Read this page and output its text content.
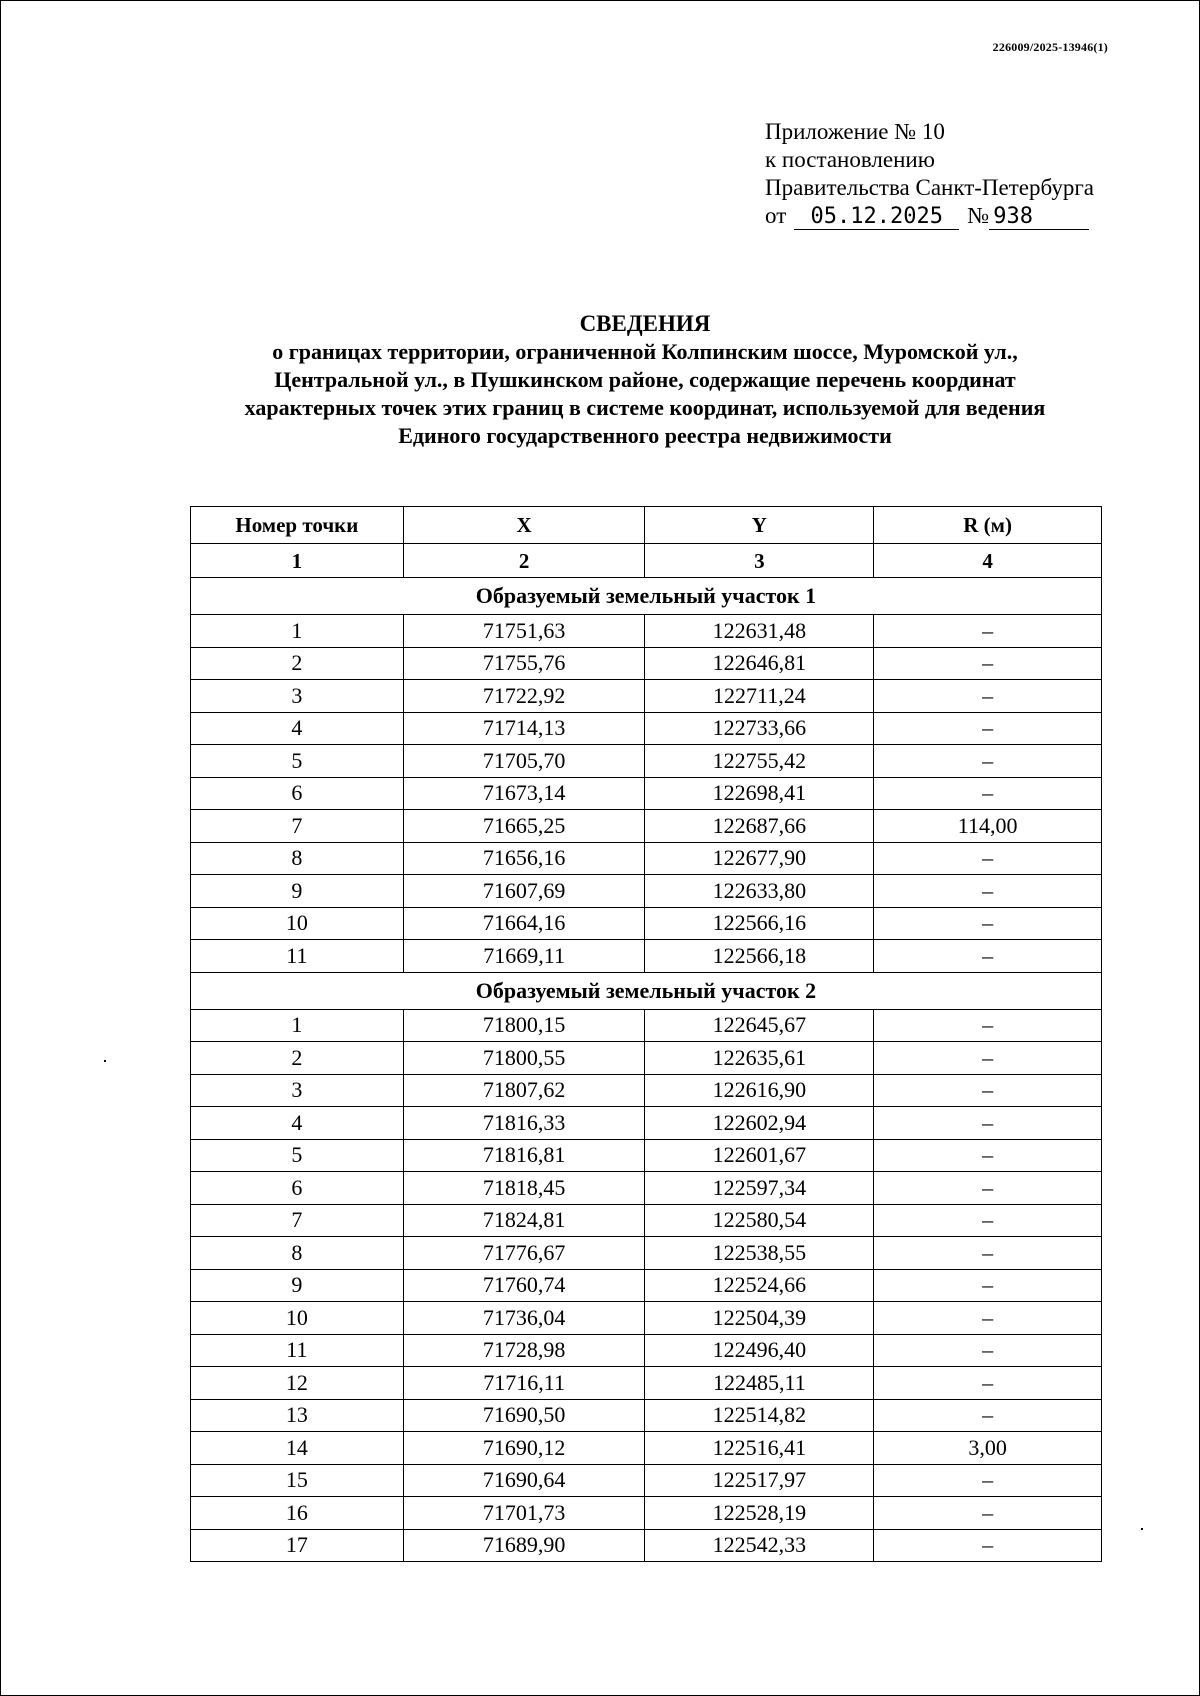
226009/2025-13946(1)
Приложение № 10
к постановлению
Правительства Санкт-Петербурга
от	05.12.2025	№ 938
СВЕДЕНИЯ
о границах территории, ограниченной Колпинским шоссе, Муромской ул.,
Центральной ул., в Пушкинском районе, содержащие перечень координат
характерных точек этих границ в системе координат, используемой для ведения
Единого государственного реестра недвижимости
Номер точки	X	Y	R (м)
1	2	3	4
Образуемый земельный участок 1			
1	71751,63	122631,48	–
2	71755,76	122646,81	–
3	71722,92	122711,24	–
4	71714,13	122733,66	–
5	71705,70	122755,42	–
6	71673,14	122698,41	–
7	71665,25	122687,66	114,00
8	71656,16	122677,90	–
9	71607,69	122633,80	–
10	71664,16	122566,16	–
11	71669,11	122566,18	–
Образуемый земельный участок 2			
1	71800,15	122645,67	–
2	71800,55	122635,61	–
3	71807,62	122616,90	–
4	71816,33	122602,94	–
5	71816,81	122601,67	–
6	71818,45	122597,34	–
7	71824,81	122580,54	–
8	71776,67	122538,55	–
9	71760,74	122524,66	–
10	71736,04	122504,39	–
11	71728,98	122496,40	–
12	71716,11	122485,11	–
13	71690,50	122514,82	–
14	71690,12	122516,41	3,00
15	71690,64	122517,97	–
16	71701,73	122528,19	–
17	71689,90	122542,33	–
